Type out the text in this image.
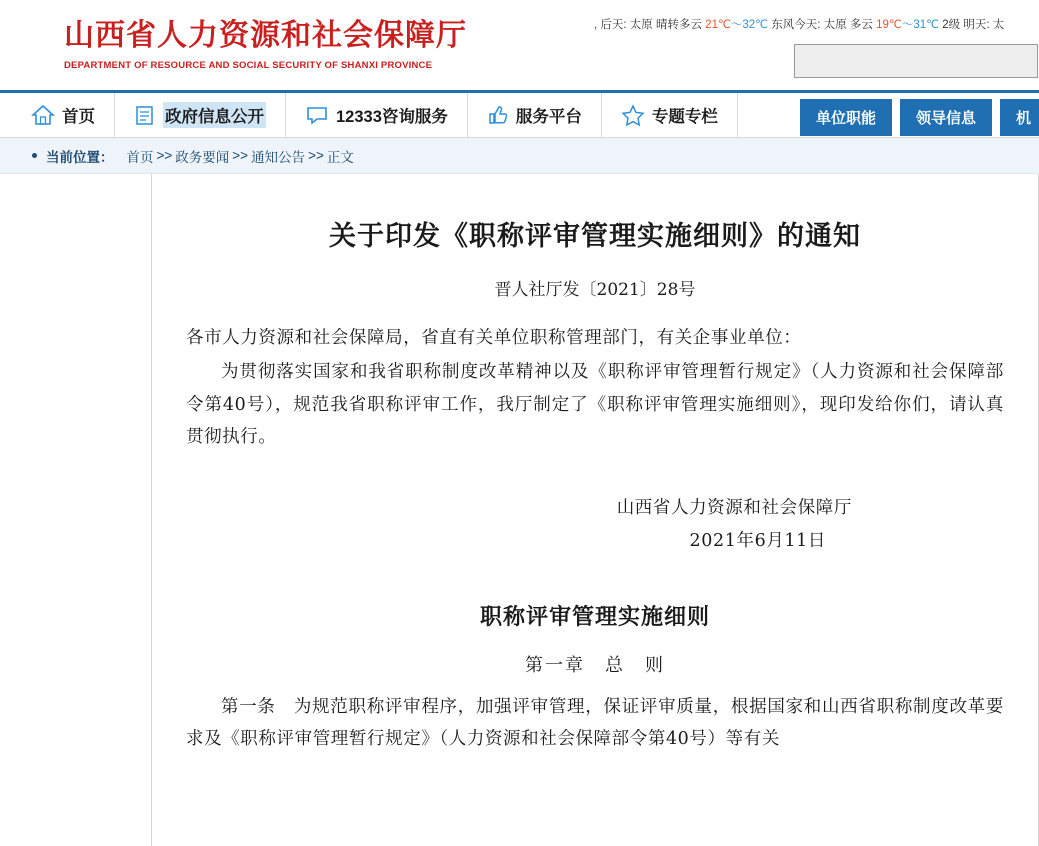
山西省人力资源和社会保障厅
DEPARTMENT OF RESOURCE AND SOCIAL SECURITY OF SHANXI PROVINCE
, 后天: 太原 晴转多云 21℃～32℃ 东风今天: 太原 多云 19℃～31℃ 2级 明天: 太
首页	政府信息公开	12333咨询服务	服务平台	专题专栏	单位职能	领导信息	机
当前位置： 首页 >> 政务要闻 >> 通知公告 >> 正文
关于印发《职称评审管理实施细则》的通知
晋人社厅发〔2021〕28号

各市人力资源和社会保障局，省直有关单位职称管理部门，有关企事业单位：

为贯彻落实国家和我省职称制度改革精神以及《职称评审管理暂行规定》（人力资源和社会保障部令第40号），规范我省职称评审工作，我厅制定了《职称评审管理实施细则》，现印发给你们，请认真贯彻执行。

山西省人力资源和社会保障厅
2021年6月11日
职称评审管理实施细则
第一章　总　则

第一条　为规范职称评审程序，加强评审管理，保证评审质量，根据国家和山西省职称制度改革要求及《职称评审管理暂行规定》（人力资源和社会保障部令第40号）等有关
